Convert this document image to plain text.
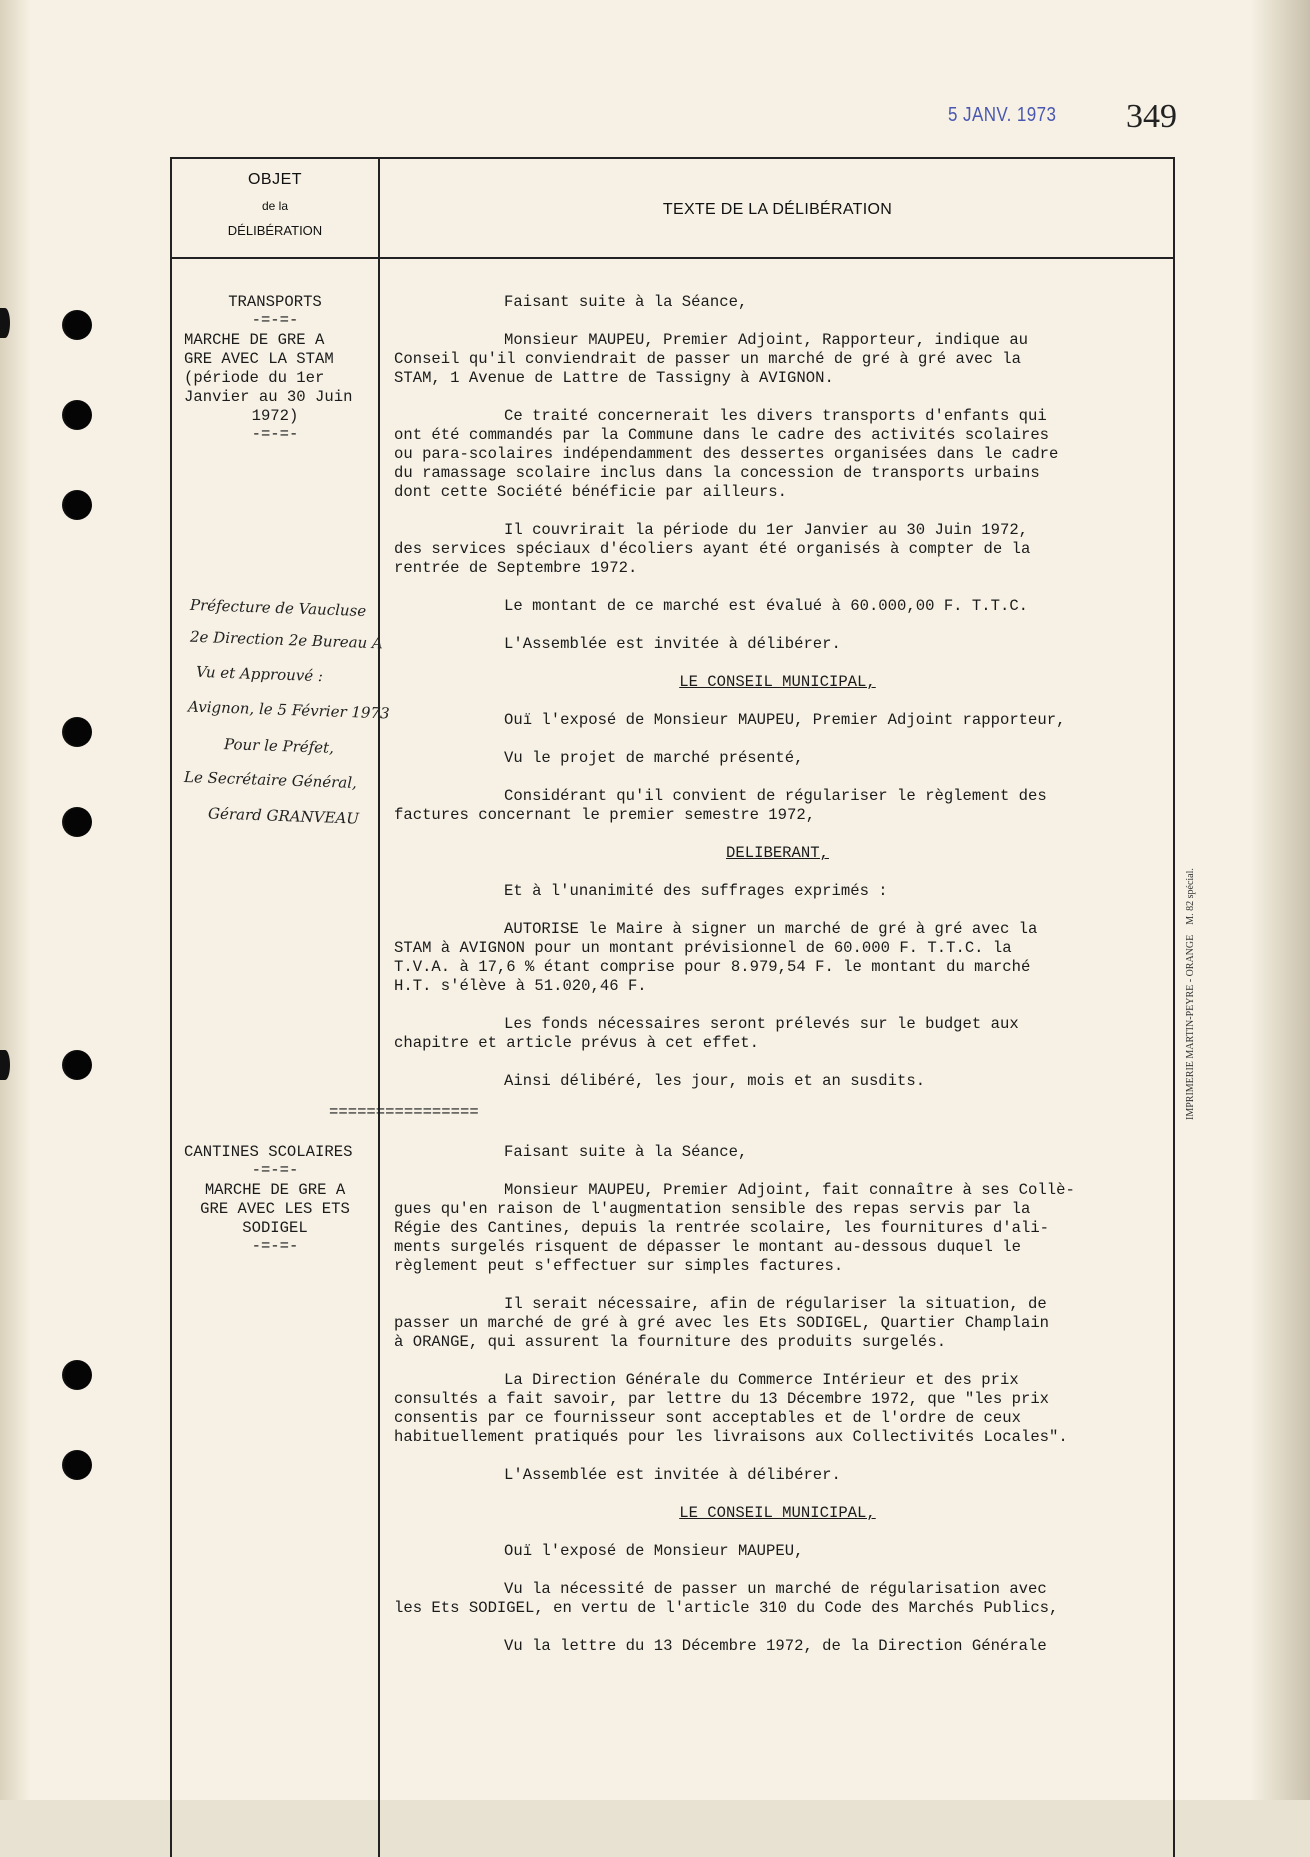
5 JANV. 1973 349
IMPRIMERIE MARTIN-PEYRE - ORANGE    M. 82 spécial.
OBJET
de la
DÉLIBÉRATION
TEXTE DE LA DÉLIBÉRATION
TRANSPORTS
-=-=-
MARCHE DE GRE A
GRE AVEC LA STAM
(période du 1er
Janvier au 30 Juin
1972)
-=-=-
Préfecture de Vaucluse
2e Direction 2e Bureau A
Vu et Approuvé :
Avignon, le 5 Février 1973
Pour le Préfet,
Le Secrétaire Général,
Gérard GRANVEAU
================
CANTINES SCOLAIRES
-=-=-
MARCHE DE GRE A
GRE AVEC LES ETS
SODIGEL
-=-=-
Faisant suite à la Séance,
Monsieur MAUPEU, Premier Adjoint, Rapporteur, indique au
Conseil qu'il conviendrait de passer un marché de gré à gré avec la
STAM, 1 Avenue de Lattre de Tassigny à AVIGNON.
Ce traité concernerait les divers transports d'enfants qui
ont été commandés par la Commune dans le cadre des activités scolaires
ou para-scolaires indépendamment des dessertes organisées dans le cadre
du ramassage scolaire inclus dans la concession de transports urbains
dont cette Société bénéficie par ailleurs.
Il couvrirait la période du 1er Janvier au 30 Juin 1972,
des services spéciaux d'écoliers ayant été organisés à compter de la
rentrée de Septembre 1972.
Le montant de ce marché est évalué à 60.000,00 F. T.T.C.
L'Assemblée est invitée à délibérer.
LE CONSEIL MUNICIPAL,
Ouï l'exposé de Monsieur MAUPEU, Premier Adjoint rapporteur,
Vu le projet de marché présenté,
Considérant qu'il convient de régulariser le règlement des
factures concernant le premier semestre 1972,
DELIBERANT,
Et à l'unanimité des suffrages exprimés :
AUTORISE le Maire à signer un marché de gré à gré avec la
STAM à AVIGNON pour un montant prévisionnel de 60.000 F. T.T.C. la
T.V.A. à 17,6 % étant comprise pour 8.979,54 F. le montant du marché
H.T. s'élève à 51.020,46 F.
Les fonds nécessaires seront prélevés sur le budget aux
chapitre et article prévus à cet effet.
Ainsi délibéré, les jour, mois et an susdits.
Faisant suite à la Séance,
Monsieur MAUPEU, Premier Adjoint, fait connaître à ses Collè-
gues qu'en raison de l'augmentation sensible des repas servis par la
Régie des Cantines, depuis la rentrée scolaire, les fournitures d'ali-
ments surgelés risquent de dépasser le montant au-dessous duquel le
règlement peut s'effectuer sur simples factures.
Il serait nécessaire, afin de régulariser la situation, de
passer un marché de gré à gré avec les Ets SODIGEL, Quartier Champlain
à ORANGE, qui assurent la fourniture des produits surgelés.
La Direction Générale du Commerce Intérieur et des prix
consultés a fait savoir, par lettre du 13 Décembre 1972, que "les prix
consentis par ce fournisseur sont acceptables et de l'ordre de ceux
habituellement pratiqués pour les livraisons aux Collectivités Locales".
L'Assemblée est invitée à délibérer.
LE CONSEIL MUNICIPAL,
Ouï l'exposé de Monsieur MAUPEU,
Vu la nécessité de passer un marché de régularisation avec
les Ets SODIGEL, en vertu de l'article 310 du Code des Marchés Publics,
Vu la lettre du 13 Décembre 1972, de la Direction Générale
